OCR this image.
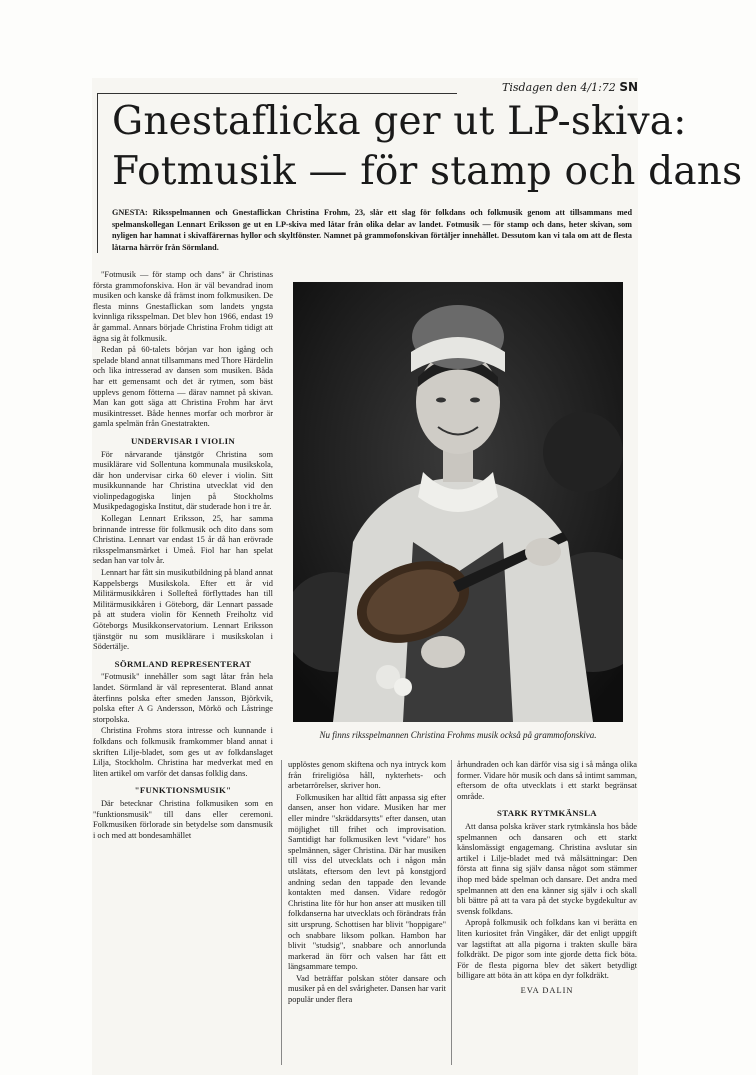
Tisdagen den 4/1:72 SN
Gnestaflicka ger ut LP-skiva:
Fotmusik — för stamp och dans
GNESTA: Riksspelmannen och Gnestaflickan Christina Frohm, 23, slår ett slag för folkdans och folkmusik genom att tillsammans med spelmanskollegan Lennart Eriksson ge ut en LP-skiva med låtar från olika delar av landet. Fotmusik — för stamp och dans, heter skivan, som nyligen har hamnat i skivaffärernas hyllor och skyltfönster. Namnet på grammofonskivan förtäljer innehållet. Dessutom kan vi tala om att de flesta låtarna härrör från Sörmland.

"Fotmusik — för stamp och dans" är Christinas första grammofonskiva. Hon är väl bevandrad inom musiken och kanske då främst inom folkmusiken. De flesta minns Gnestaflickan som landets yngsta kvinnliga riksspelman. Det blev hon 1966, endast 19 år gammal. Annars började Christina Frohm tidigt att ägna sig åt folkmusik.

Redan på 60-talets början var hon igång och spelade bland annat tillsammans med Thore Härdelin och lika intresserad av dansen som musiken. Båda har ett gemensamt och det är rytmen, som bäst upplevs genom fötterna — därav namnet på skivan. Man kan gott säga att Christina Frohm har ärvt musikintresset. Både hennes morfar och morbror är gamla spelmän från Gnestatrakten.

UNDERVISAR I VIOLIN

För närvarande tjänstgör Christina som musiklärare vid Sollentuna kommunala musikskola, där hon undervisar cirka 60 elever i violin. Sitt musikkunnande har Christina utvecklat vid den violinpedagogiska linjen på Stockholms Musikpedagogiska Institut, där studerade hon i tre år.

Kollegan Lennart Eriksson, 25, har samma brinnande intresse för folkmusik och dito dans som Christina. Lennart var endast 15 år då han erövrade riksspelmansmärket i Umeå. Fiol har han spelat sedan han var tolv år.

Lennart har fått sin musikutbildning på bland annat Kappelsbergs Musikskola. Efter ett år vid Militärmusikkåren i Sollefteå förflyttades han till Militärmusikkåren i Göteborg, där Lennart passade på att studera violin för Kenneth Freiholtz vid Göteborgs Musikkonservatorium. Lennart Eriksson tjänstgör nu som musiklärare i musikskolan i Södertälje.

SÖRMLAND REPRESENTERAT

"Fotmusik" innehåller som sagt låtar från hela landet. Sörmland är väl representerat. Bland annat återfinns polska efter smeden Jansson, Björkvik, polska efter A G Andersson, Mörkö och Låstringe storpolska.

Christina Frohms stora intresse och kunnande i folkdans och folkmusik framkommer bland annat i skriften Lilje-bladet, som ges ut av folkdanslaget Lilja, Stockholm. Christina har medverkat med en liten artikel om varför det dansas folklig dans.

"FUNKTIONSMUSIK"

Där betecknar Christina folkmusiken som en "funktionsmusik" till dans eller ceremoni. Folkmusiken förlorade sin betydelse som dansmusik i och med att bondesamhället

Nu finns riksspelmannen Christina Frohms musik också på grammofonskiva.

upplöstes genom skiftena och nya intryck kom från frireligiösa håll, nykterhets- och arbetarrörelser, skriver hon.

Folkmusiken har alltid fått anpassa sig efter dansen, anser hon vidare. Musiken har mer eller mindre "skräddarsytts" efter dansen, utan möjlighet till frihet och improvisation. Samtidigt har folkmusiken levt "vidare" hos spelmännen, säger Christina. Där har musiken till viss del utvecklats och i någon mån utslätats, eftersom den levt på konstgjord andning sedan den tappade den levande kontakten med dansen. Vidare redogör Christina lite för hur hon anser att musiken till folkdanserna har utvecklats och förändrats från sitt ursprung. Schottisen har blivit "hoppigare" och snabbare liksom polkan. Hambon har blivit "studsig", snabbare och annorlunda markerad än förr och valsen har fått ett längsammare tempo.

Vad beträffar polskan stöter dansare och musiker på en del svårigheter. Dansen har varit populär under flera

århundraden och kan därför visa sig i så många olika former. Vidare hör musik och dans så intimt samman, eftersom de ofta utvecklats i ett starkt begränsat område.

STARK RYTMKÄNSLA

Att dansa polska kräver stark rytmkänsla hos både spelmannen och dansaren och ett starkt känslomässigt engagemang. Christina avslutar sin artikel i Lilje-bladet med två målsättningar: Den första att finna sig själv dansa något som stämmer ihop med både spelman och dansare. Det andra med spelmannen att den ena känner sig själv i och skall bli bättre på att ta vara på det stycke bygdekultur av svensk folkdans.

Apropå folkmusik och folkdans kan vi berätta en liten kuriositet från Vingåker, där det enligt uppgift var lagstiftat att alla pigorna i trakten skulle bära folkdräkt. De pigor som inte gjorde detta fick böta. För de flesta pigorna blev det säkert betydligt billigare att böta än att köpa en dyr folkdräkt.

EVA DALIN
